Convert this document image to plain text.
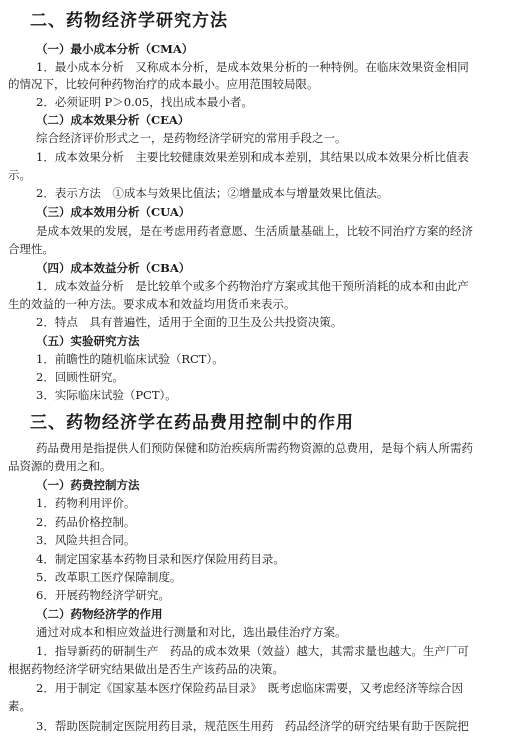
二、药物经济学研究方法
（一）最小成本分析（CMA）
1．最小成本分析　又称成本分析，是成本效果分析的一种特例。在临床效果资金相同
的情况下，比较何种药物治疗的成本最小。应用范围较局限。
2．必须证明 P＞0.05，找出成本最小者。
（二）成本效果分析（CEA）
综合经济评价形式之一，是药物经济学研究的常用手段之一。
1．成本效果分析　主要比较健康效果差别和成本差别，其结果以成本效果分析比值表
示。
2．表示方法　①成本与效果比值法；②增量成本与增量效果比值法。
（三）成本效用分析（CUA）
是成本效果的发展，是在考虑用药者意愿、生活质量基础上，比较不同治疗方案的经济
合理性。
（四）成本效益分析（CBA）
1．成本效益分析　是比较单个或多个药物治疗方案或其他干预所消耗的成本和由此产
生的效益的一种方法。要求成本和效益均用货币来表示。
2．特点　具有普遍性，适用于全面的卫生及公共投资决策。
（五）实验研究方法
1．前瞻性的随机临床试验（RCT）。
2．回顾性研究。
3．实际临床试验（PCT）。
三、药物经济学在药品费用控制中的作用
药品费用是指提供人们预防保健和防治疾病所需药物资源的总费用，是每个病人所需药
品资源的费用之和。
（一）药费控制方法
1．药物利用评价。
2．药品价格控制。
3．风险共担合同。
4．制定国家基本药物目录和医疗保险用药目录。
5．改革职工医疗保障制度。
6．开展药物经济学研究。
（二）药物经济学的作用
通过对成本和相应效益进行测量和对比，选出最佳治疗方案。
1．指导新药的研制生产　药品的成本效果（效益）越大，其需求量也越大。生产厂可
根据药物经济学研究结果做出是否生产该药品的决策。
2．用于制定《国家基本医疗保险药品目录》　既考虑临床需要，又考虑经济等综合因
素。
3．帮助医院制定医院用药目录，规范医生用药　药品经济学的研究结果有助于医院把
